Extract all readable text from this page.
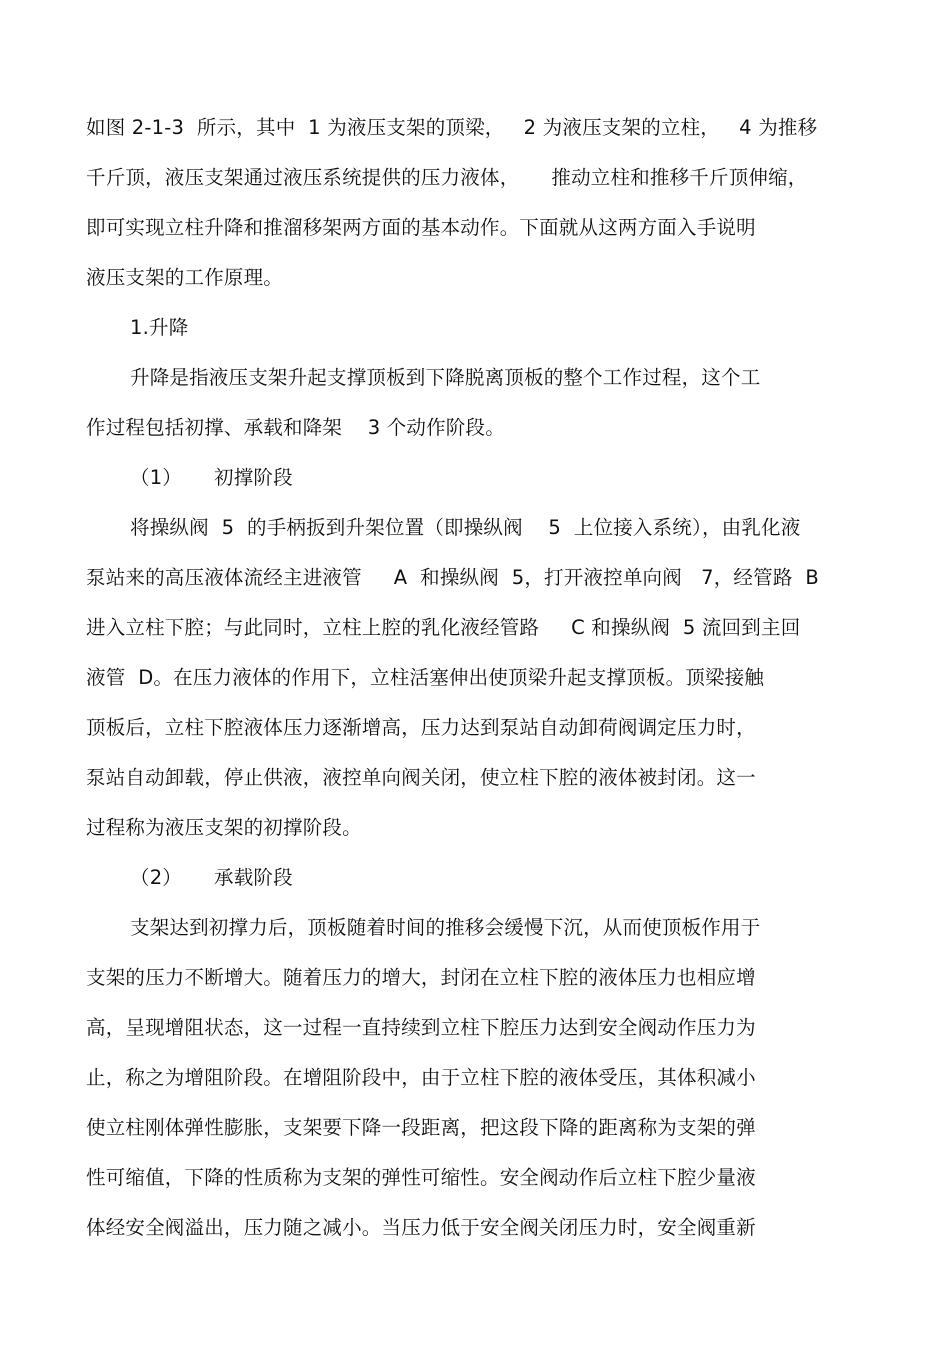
如图 2-1-3  所示，其中  1 为液压支架的顶梁，   2 为液压支架的立柱，   4 为推移
千斤顶，液压支架通过液压系统提供的压力液体，     推动立柱和推移千斤顶伸缩，
即可实现立柱升降和推溜移架两方面的基本动作。下面就从这两方面入手说明
液压支架的工作原理。
1.升降
升降是指液压支架升起支撑顶板到下降脱离顶板的整个工作过程，这个工
作过程包括初撑、承载和降架    3 个动作阶段。
（1）     初撑阶段
将操纵阀  5  的手柄扳到升架位置（即操纵阀    5  上位接入系统），由乳化液
泵站来的高压液体流经主进液管     A  和操纵阀  5，打开液控单向阀   7，经管路  B
进入立柱下腔；与此同时，立柱上腔的乳化液经管路     C 和操纵阀  5 流回到主回
液管  D。在压力液体的作用下，立柱活塞伸出使顶梁升起支撑顶板。顶梁接触
顶板后，立柱下腔液体压力逐渐增高，压力达到泵站自动卸荷阀调定压力时，
泵站自动卸载，停止供液，液控单向阀关闭，使立柱下腔的液体被封闭。这一
过程称为液压支架的初撑阶段。
（2）     承载阶段
支架达到初撑力后，顶板随着时间的推移会缓慢下沉，从而使顶板作用于
支架的压力不断增大。随着压力的增大，封闭在立柱下腔的液体压力也相应增
高，呈现增阻状态，这一过程一直持续到立柱下腔压力达到安全阀动作压力为
止，称之为增阻阶段。在增阻阶段中，由于立柱下腔的液体受压，其体积减小
使立柱刚体弹性膨胀，支架要下降一段距离，把这段下降的距离称为支架的弹
性可缩值，下降的性质称为支架的弹性可缩性。安全阀动作后立柱下腔少量液
体经安全阀溢出，压力随之减小。当压力低于安全阀关闭压力时，安全阀重新
